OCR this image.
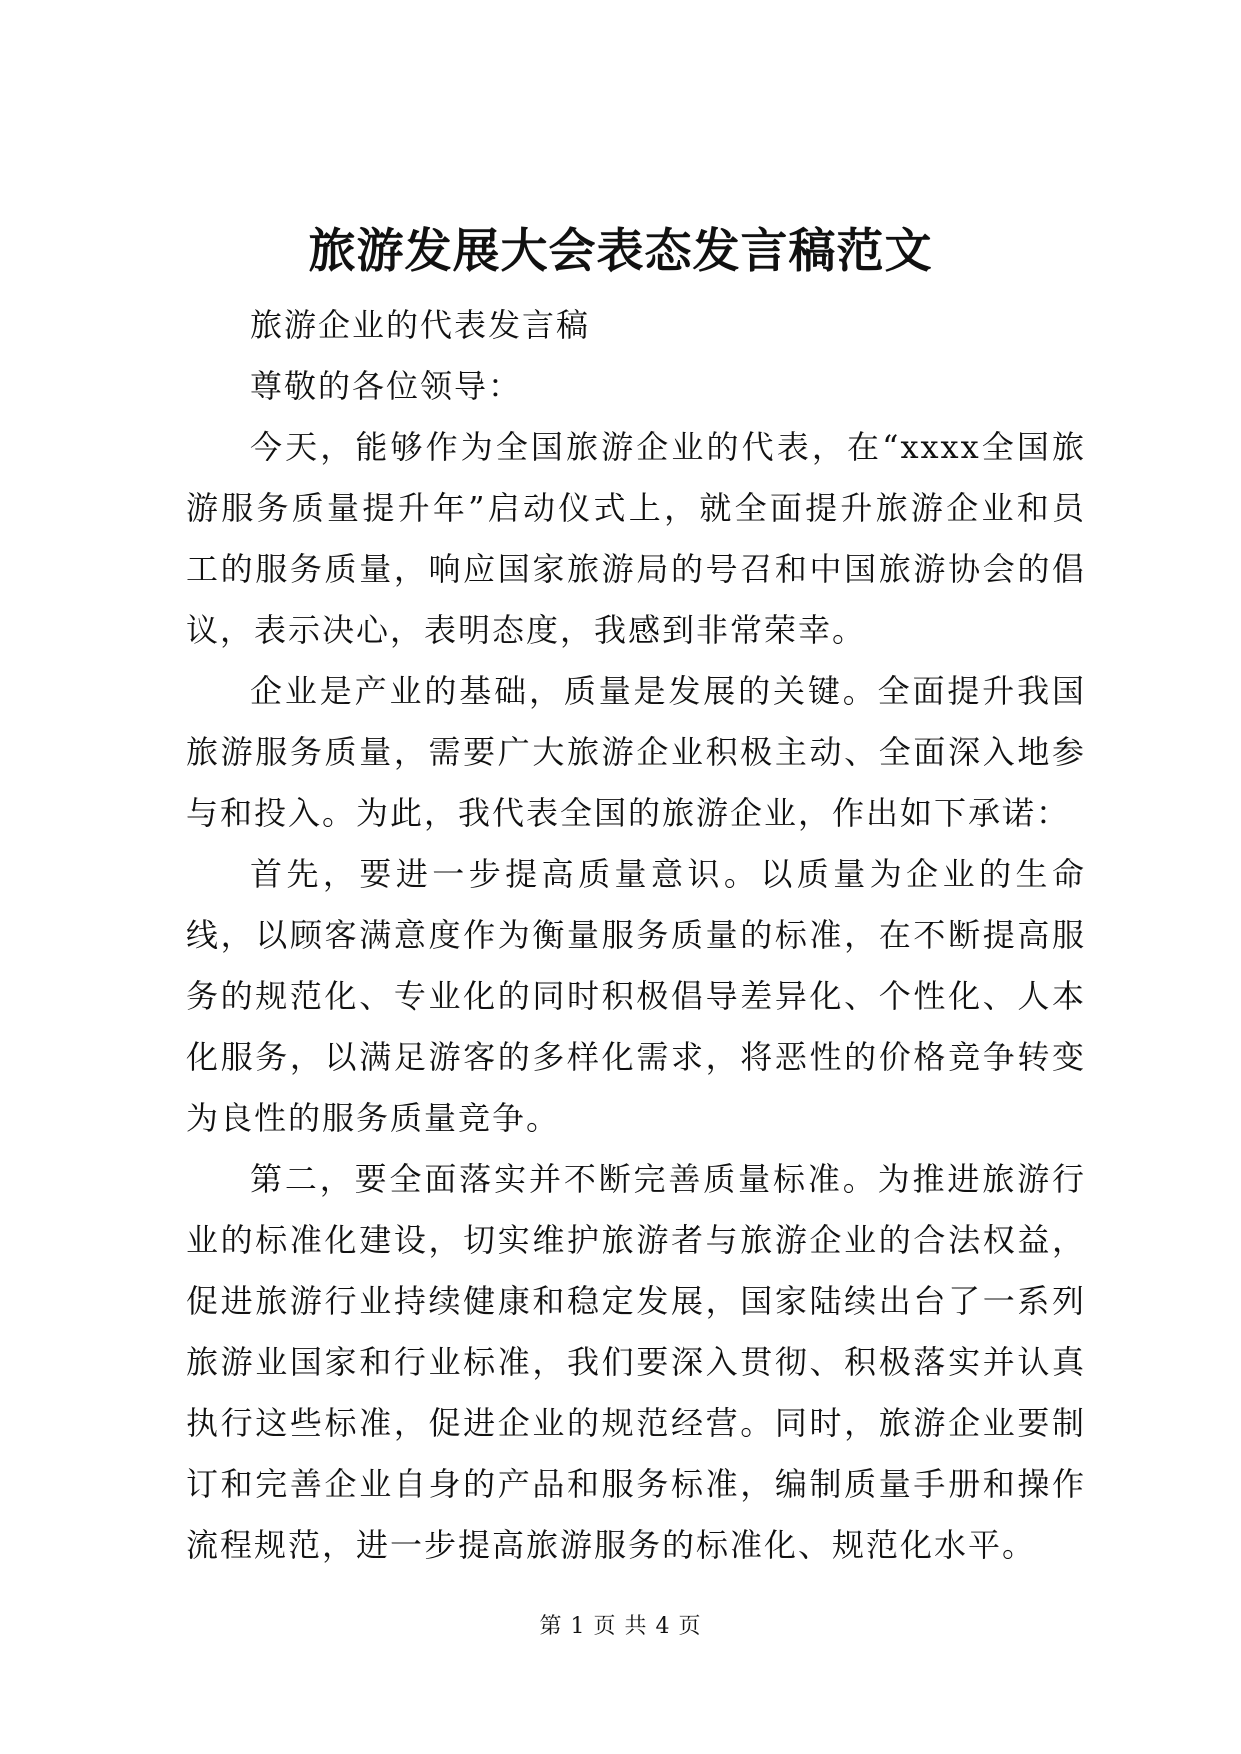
旅游发展大会表态发言稿范文

旅游企业的代表发言稿

尊敬的各位领导：

今天，能够作为全国旅游企业的代表，在“xxxx全国旅游服务质量提升年”启动仪式上，就全面提升旅游企业和员工的服务质量，响应国家旅游局的号召和中国旅游协会的倡议，表示决心，表明态度，我感到非常荣幸。

企业是产业的基础，质量是发展的关键。全面提升我国旅游服务质量，需要广大旅游企业积极主动、全面深入地参与和投入。为此，我代表全国的旅游企业，作出如下承诺：

首先，要进一步提高质量意识。以质量为企业的生命线，以顾客满意度作为衡量服务质量的标准，在不断提高服务的规范化、专业化的同时积极倡导差异化、个性化、人本化服务，以满足游客的多样化需求，将恶性的价格竞争转变为良性的服务质量竞争。

第二，要全面落实并不断完善质量标准。为推进旅游行业的标准化建设，切实维护旅游者与旅游企业的合法权益，促进旅游行业持续健康和稳定发展，国家陆续出台了一系列旅游业国家和行业标准，我们要深入贯彻、积极落实并认真执行这些标准，促进企业的规范经营。同时，旅游企业要制订和完善企业自身的产品和服务标准，编制质量手册和操作流程规范，进一步提高旅游服务的标准化、规范化水平。

第 1 页 共 4 页
